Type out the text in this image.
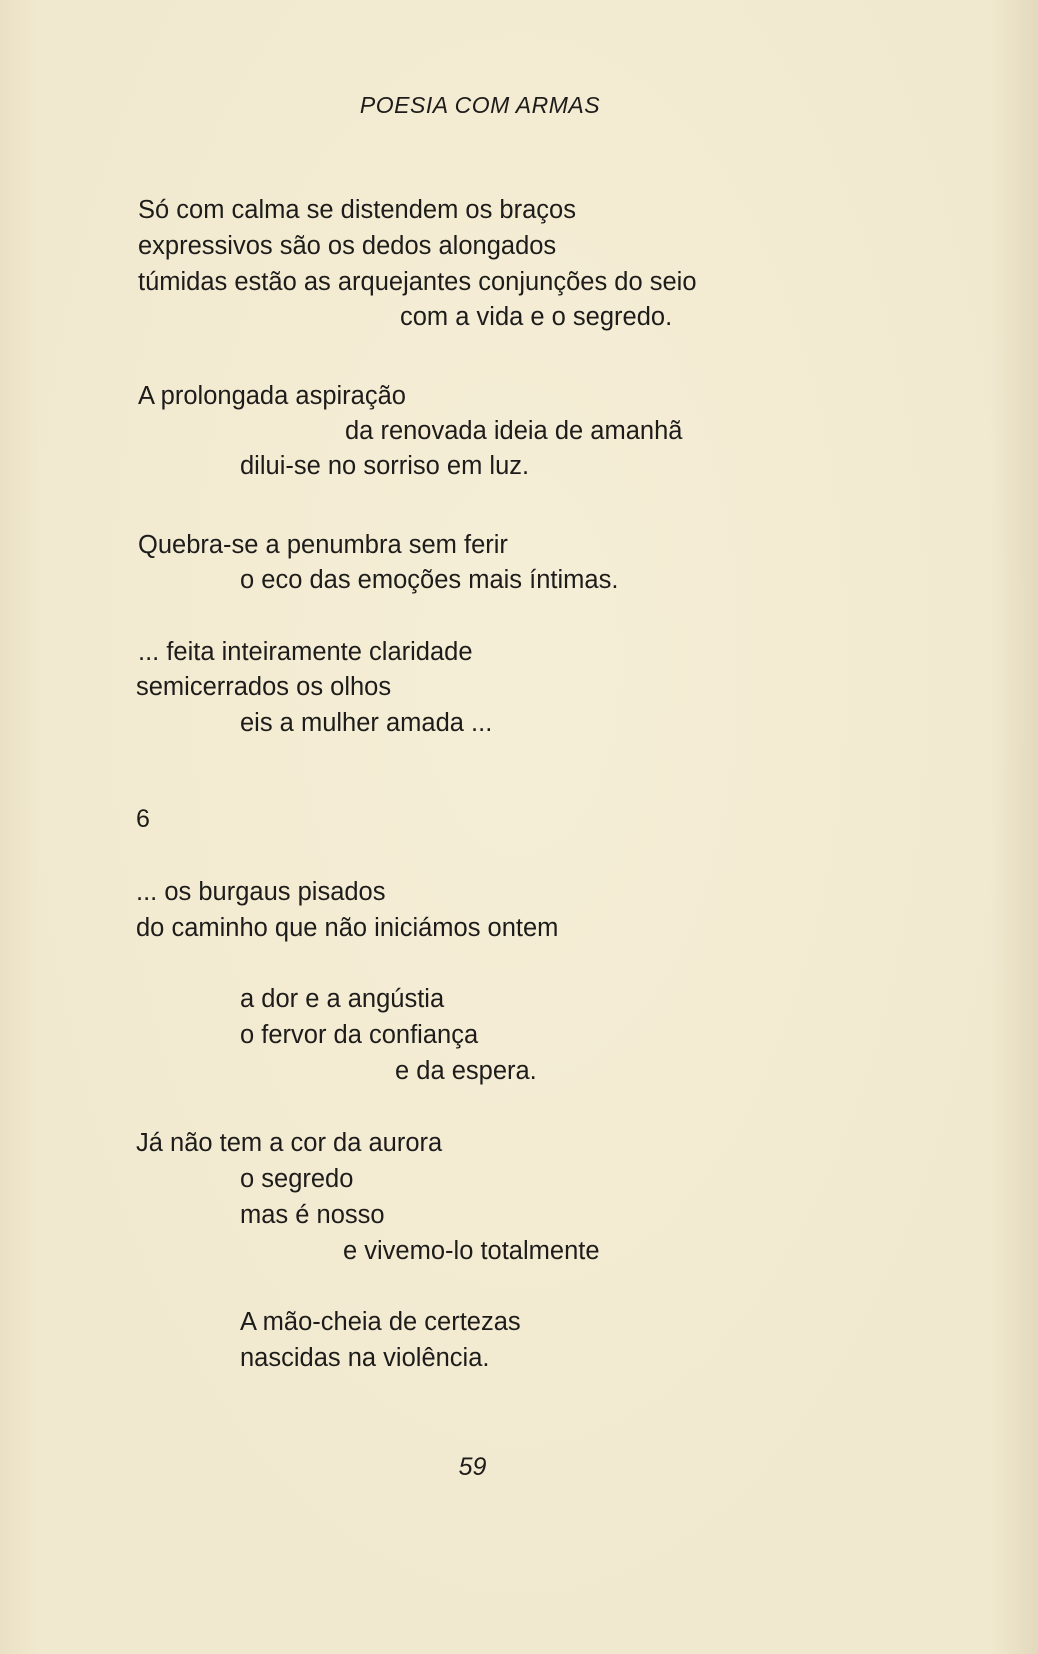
POESIA COM ARMAS
Só com calma se distendem os braços
expressivos são os dedos alongados
túmidas estão as arquejantes conjunções do seio
com a vida e o segredo.
A prolongada aspiração
da renovada ideia de amanhã
dilui-se no sorriso em luz.
Quebra-se a penumbra sem ferir
o eco das emoções mais íntimas.
... feita inteiramente claridade
semicerrados os olhos
eis a mulher amada ...
6
... os burgaus pisados
do caminho que não iniciámos ontem
a dor e a angústia
o fervor da confiança
e da espera.
Já não tem a cor da aurora
o segredo
mas é nosso
e vivemo-lo totalmente
A mão-cheia de certezas
nascidas na violência.
59
